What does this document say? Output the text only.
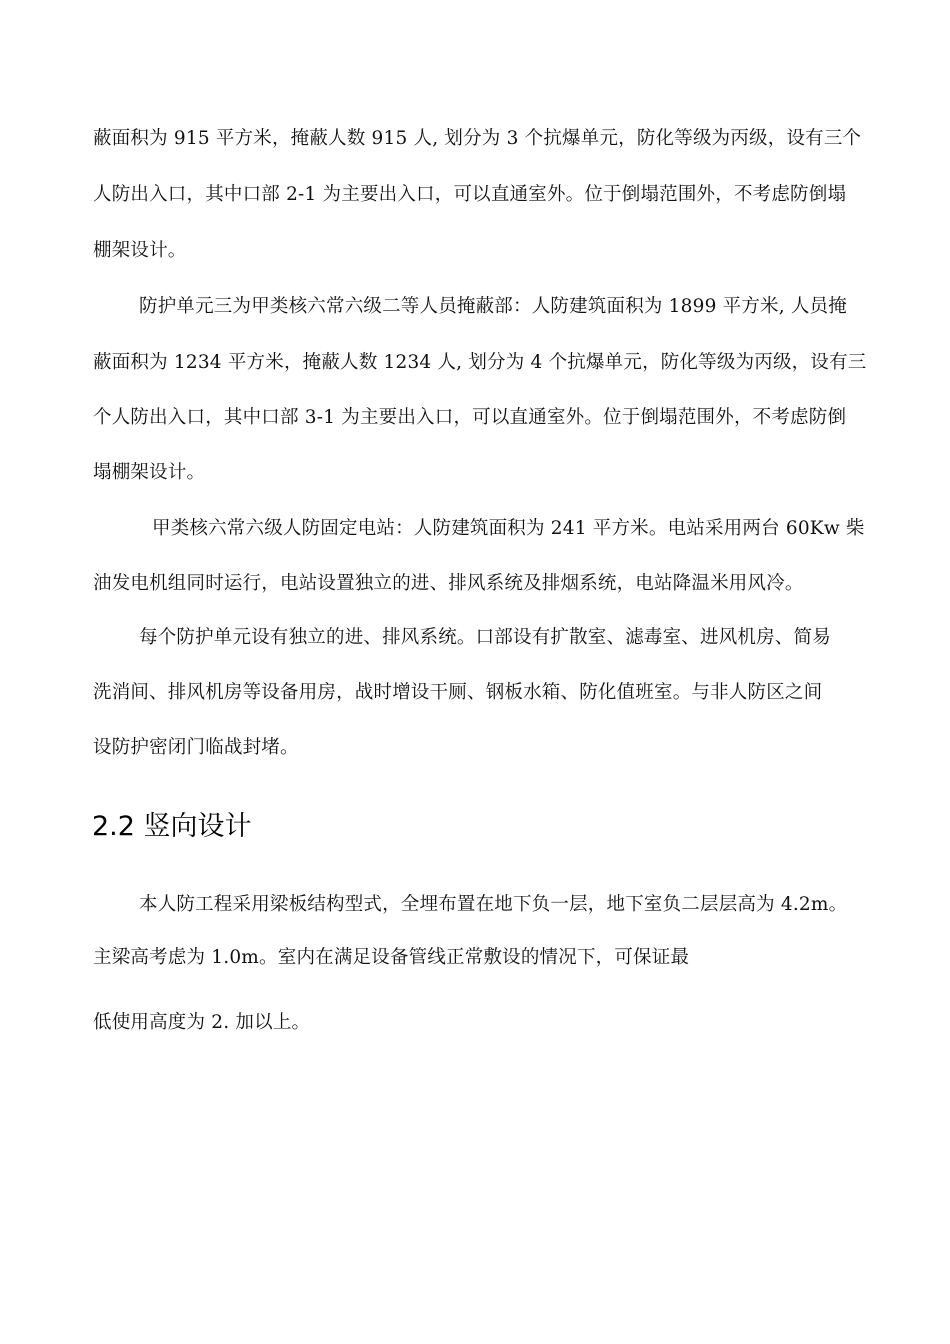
蔽面积为 915 平方米，掩蔽人数 915 人, 划分为 3 个抗爆单元，防化等级为丙级，设有三个
人防出入口，其中口部 2-1 为主要出入口，可以直通室外。位于倒塌范围外，不考虑防倒塌
棚架设计。
防护单元三为甲类核六常六级二等人员掩蔽部：人防建筑面积为 1899 平方米, 人员掩
蔽面积为 1234 平方米，掩蔽人数 1234 人, 划分为 4 个抗爆单元，防化等级为丙级，设有三
个人防出入口，其中口部 3-1 为主要出入口，可以直通室外。位于倒塌范围外，不考虑防倒
塌棚架设计。
甲类核六常六级人防固定电站：人防建筑面积为 241 平方米。电站采用两台 60Kw 柴
油发电机组同时运行，电站设置独立的进、排风系统及排烟系统，电站降温米用风冷。
每个防护单元设有独立的进、排风系统。口部设有扩散室、滤毒室、进风机房、简易
洗消间、排风机房等设备用房，战时增设干厕、钢板水箱、防化值班室。与非人防区之间
设防护密闭门临战封堵。
2.2 竖向设计
本人防工程采用梁板结构型式，全埋布置在地下负一层，地下室负二层层高为 4.2m。
主梁高考虑为 1.0m。室内在满足设备管线正常敷设的情况下，可保证最
低使用高度为 2. 加以上。
